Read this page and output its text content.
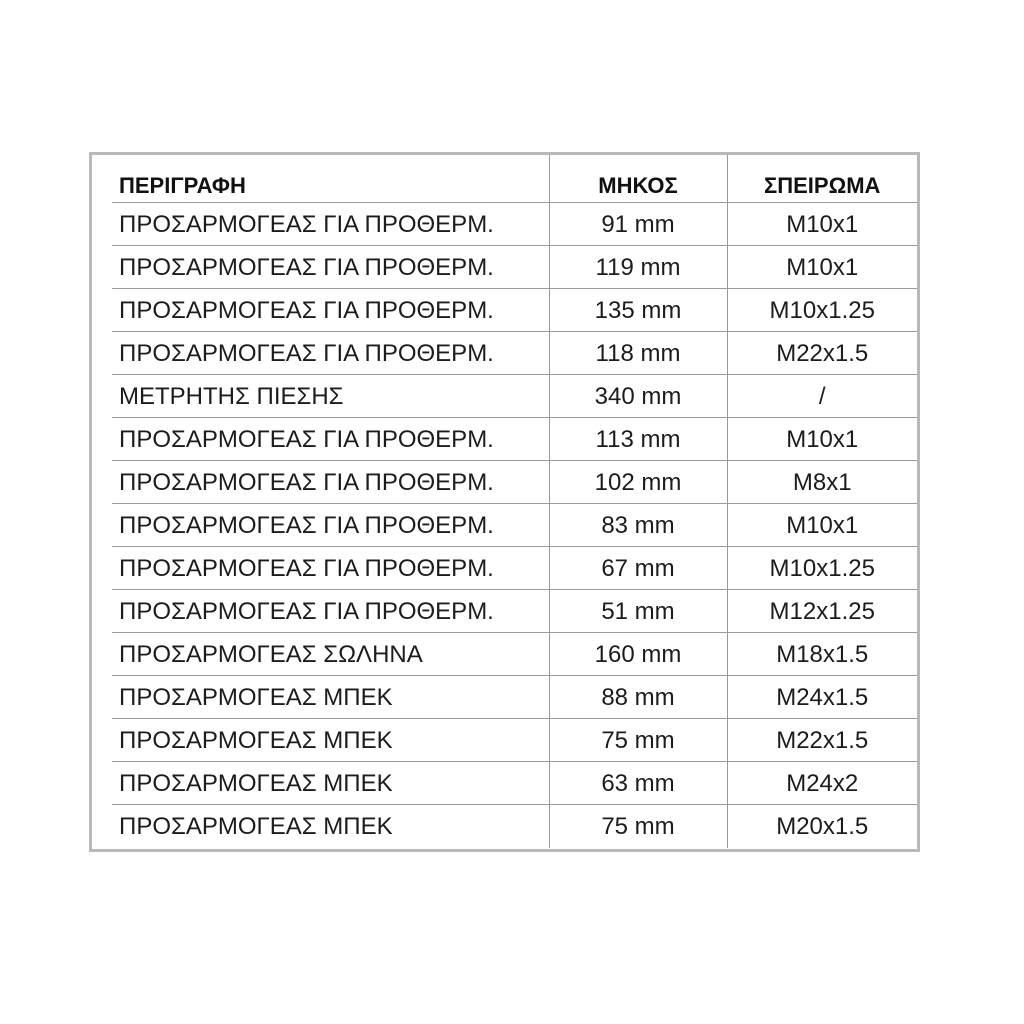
ΠΕΡΙΓΡΑΦΗ	ΜΗΚΟΣ	ΣΠΕΙΡΩΜΑ
ΠΡΟΣΑΡΜΟΓΕΑΣ ΓΙΑ ΠΡΟΘΕΡΜ.	91 mm	M10x1
ΠΡΟΣΑΡΜΟΓΕΑΣ ΓΙΑ ΠΡΟΘΕΡΜ.	119 mm	M10x1
ΠΡΟΣΑΡΜΟΓΕΑΣ ΓΙΑ ΠΡΟΘΕΡΜ.	135 mm	M10x1.25
ΠΡΟΣΑΡΜΟΓΕΑΣ ΓΙΑ ΠΡΟΘΕΡΜ.	118 mm	M22x1.5
ΜΕΤΡΗΤΗΣ ΠΙΕΣΗΣ	340 mm	/
ΠΡΟΣΑΡΜΟΓΕΑΣ ΓΙΑ ΠΡΟΘΕΡΜ.	113 mm	M10x1
ΠΡΟΣΑΡΜΟΓΕΑΣ ΓΙΑ ΠΡΟΘΕΡΜ.	102 mm	M8x1
ΠΡΟΣΑΡΜΟΓΕΑΣ ΓΙΑ ΠΡΟΘΕΡΜ.	83 mm	M10x1
ΠΡΟΣΑΡΜΟΓΕΑΣ ΓΙΑ ΠΡΟΘΕΡΜ.	67 mm	M10x1.25
ΠΡΟΣΑΡΜΟΓΕΑΣ ΓΙΑ ΠΡΟΘΕΡΜ.	51 mm	M12x1.25
ΠΡΟΣΑΡΜΟΓΕΑΣ ΣΩΛΗΝΑ	160 mm	M18x1.5
ΠΡΟΣΑΡΜΟΓΕΑΣ ΜΠΕΚ	88 mm	M24x1.5
ΠΡΟΣΑΡΜΟΓΕΑΣ ΜΠΕΚ	75 mm	M22x1.5
ΠΡΟΣΑΡΜΟΓΕΑΣ ΜΠΕΚ	63 mm	M24x2
ΠΡΟΣΑΡΜΟΓΕΑΣ ΜΠΕΚ	75 mm	M20x1.5
